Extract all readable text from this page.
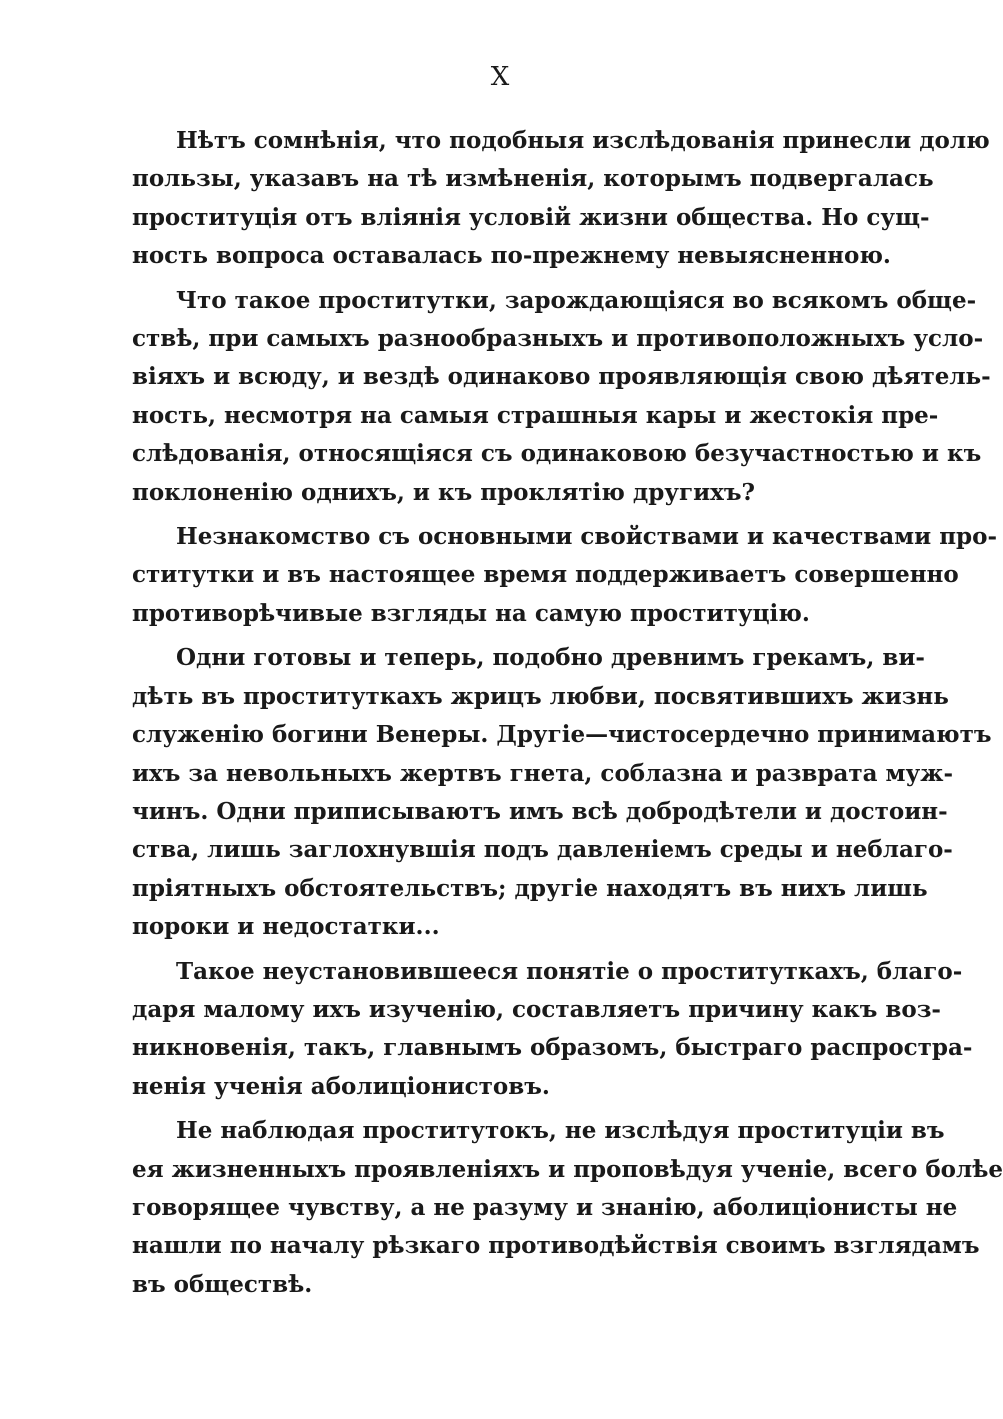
X
Нѣтъ сомнѣнія, что подобныя изслѣдованія принесли долю
пользы, указавъ на тѣ измѣненія, которымъ подвергалась
проституція отъ вліянія условій жизни общества. Но сущ-
ность вопроса оставалась по-прежнему невыясненною.
Что такое проститутки, зарождающіяся во всякомъ обще-
ствѣ, при самыхъ разнообразныхъ и противоположныхъ усло-
віяхъ и всюду, и вездѣ одинаково проявляющія свою дѣятель-
ность, несмотря на самыя страшныя кары и жестокія пре-
слѣдованія, относящіяся съ одинаковою безучастностью и къ
поклоненію однихъ, и къ проклятію другихъ?
Незнакомство съ основными свойствами и качествами про-
ститутки и въ настоящее время поддерживаетъ совершенно
противорѣчивые взгляды на самую проституцію.
Одни готовы и теперь, подобно древнимъ грекамъ, ви-
дѣть въ проституткахъ жрицъ любви, посвятившихъ жизнь
служенію богини Венеры. Другіе—чистосердечно принимаютъ
ихъ за невольныхъ жертвъ гнета, соблазна и разврата муж-
чинъ. Одни приписываютъ имъ всѣ добродѣтели и достоин-
ства, лишь заглохнувшія подъ давленіемъ среды и неблаго-
пріятныхъ обстоятельствъ; другіе находятъ въ нихъ лишь
пороки и недостатки...
Такое неустановившееся понятіе о проституткахъ, благо-
даря малому ихъ изученію, составляетъ причину какъ воз-
никновенія, такъ, главнымъ образомъ, быстраго распростра-
ненія ученія аболиціонистовъ.
Не наблюдая проститутокъ, не изслѣдуя проституціи въ
ея жизненныхъ проявленіяхъ и проповѣдуя ученіе, всего болѣе
говорящее чувству, а не разуму и знанію, аболиціонисты не
нашли по началу рѣзкаго противодѣйствія своимъ взглядамъ
въ обществѣ.
